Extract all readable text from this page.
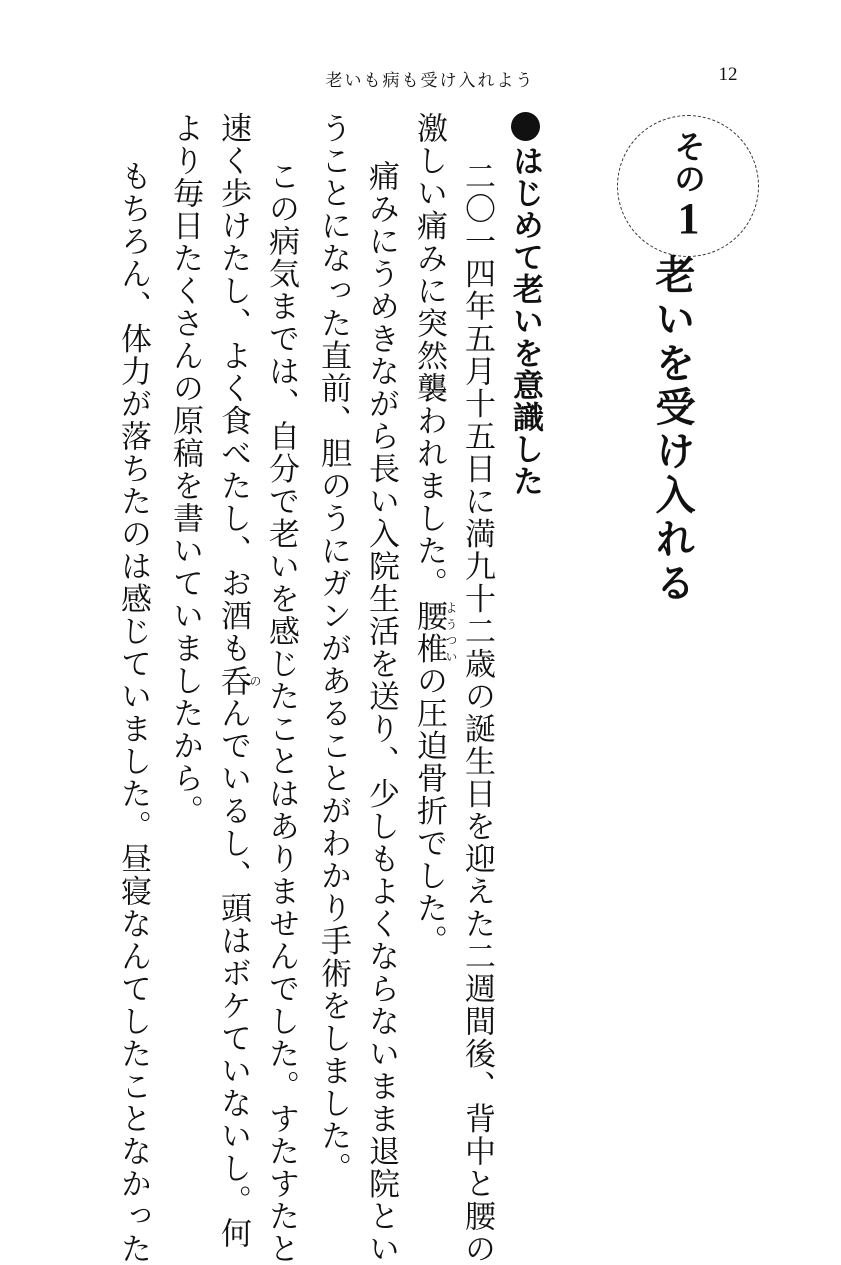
老いも病も受け入れよう	12
その1
老いを受け入れる
はじめて老いを意識した
二〇一四年五月十五日に満九十二歳の誕生日を迎えた二週間後、背中と腰の
激しい痛みに突然襲われました。腰椎ようついの圧迫骨折でした。
痛みにうめきながら長い入院生活を送り、少しもよくならないまま退院とい
うことになった直前、胆のうにガンがあることがわかり手術をしました。
この病気までは、自分で老いを感じたことはありませんでした。すたすたと
速く歩けたし、よく食べたし、お酒も呑のんでいるし、頭はボケていないし。何
より毎日たくさんの原稿を書いていましたから。
もちろん、体力が落ちたのは感じていました。昼寝なんてしたことなかった
